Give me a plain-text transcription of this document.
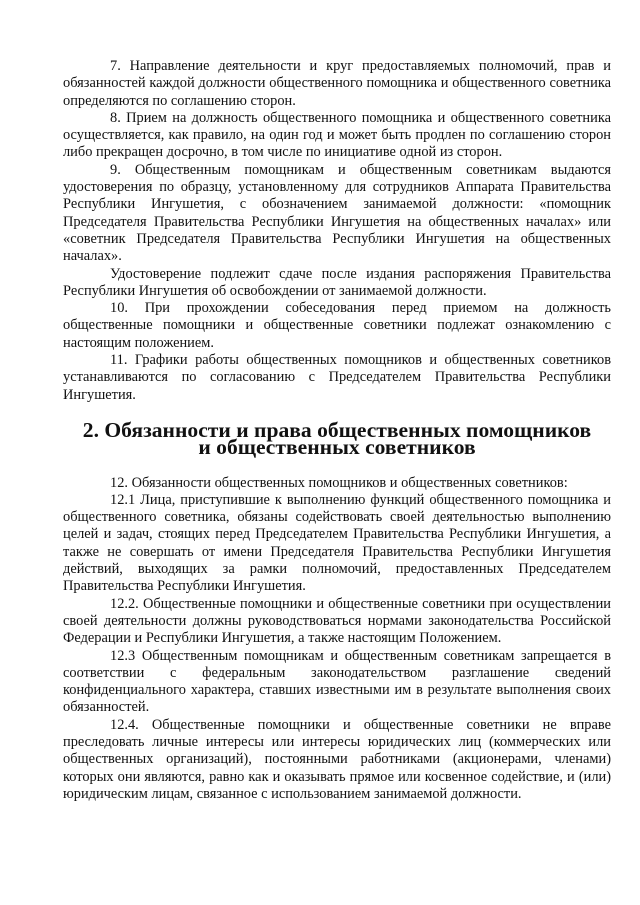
7. Направление деятельности и круг предоставляемых полномочий, прав и обязанностей каждой должности общественного помощника и общественного советника определяются по соглашению сторон.

8. Прием на должность общественного помощника и общественного советника осуществляется, как правило, на один год и может быть продлен по соглашению сторон либо прекращен досрочно, в том числе по инициативе одной из сторон.

9. Общественным помощникам и общественным советникам выдаются удостоверения по образцу, установленному для сотрудников Аппарата Правительства Республики Ингушетия, с обозначением занимаемой должности: «помощник Председателя Правительства Республики Ингушетия на общественных началах» или «советник Председателя Правительства Республики Ингушетия на общественных началах».

Удостоверение подлежит сдаче после издания распоряжения Правительства Республики Ингушетия об освобождении от занимаемой должности.

10. При прохождении собеседования перед приемом на должность общественные помощники и общественные советники подлежат ознакомлению с настоящим положением.

11. Графики работы общественных помощников и общественных советников устанавливаются по согласованию с Председателем Правительства Республики Ингушетия.

2. Обязанности и права общественных помощников
и общественных советников

12. Обязанности общественных помощников и общественных советников:

12.1 Лица, приступившие к выполнению функций общественного помощника и общественного советника, обязаны содействовать своей деятельностью выполнению целей и задач, стоящих перед Председателем Правительства Республики Ингушетия, а также не совершать от имени Председателя Правительства Республики Ингушетия действий, выходящих за рамки полномочий, предоставленных Председателем Правительства Республики Ингушетия.

12.2. Общественные помощники и общественные советники при осуществлении своей деятельности должны руководствоваться нормами законодательства Российской Федерации и Республики Ингушетия, а также настоящим Положением.

12.3 Общественным помощникам и общественным советникам запрещается в соответствии с федеральным законодательством разглашение сведений конфиденциального характера, ставших известными им в результате выполнения своих обязанностей.

12.4. Общественные помощники и общественные советники не вправе преследовать личные интересы или интересы юридических лиц (коммерческих или общественных организаций), постоянными работниками (акционерами, членами) которых они являются, равно как и оказывать прямое или косвенное содействие, и (или) юридическим лицам, связанное с использованием занимаемой должности.
